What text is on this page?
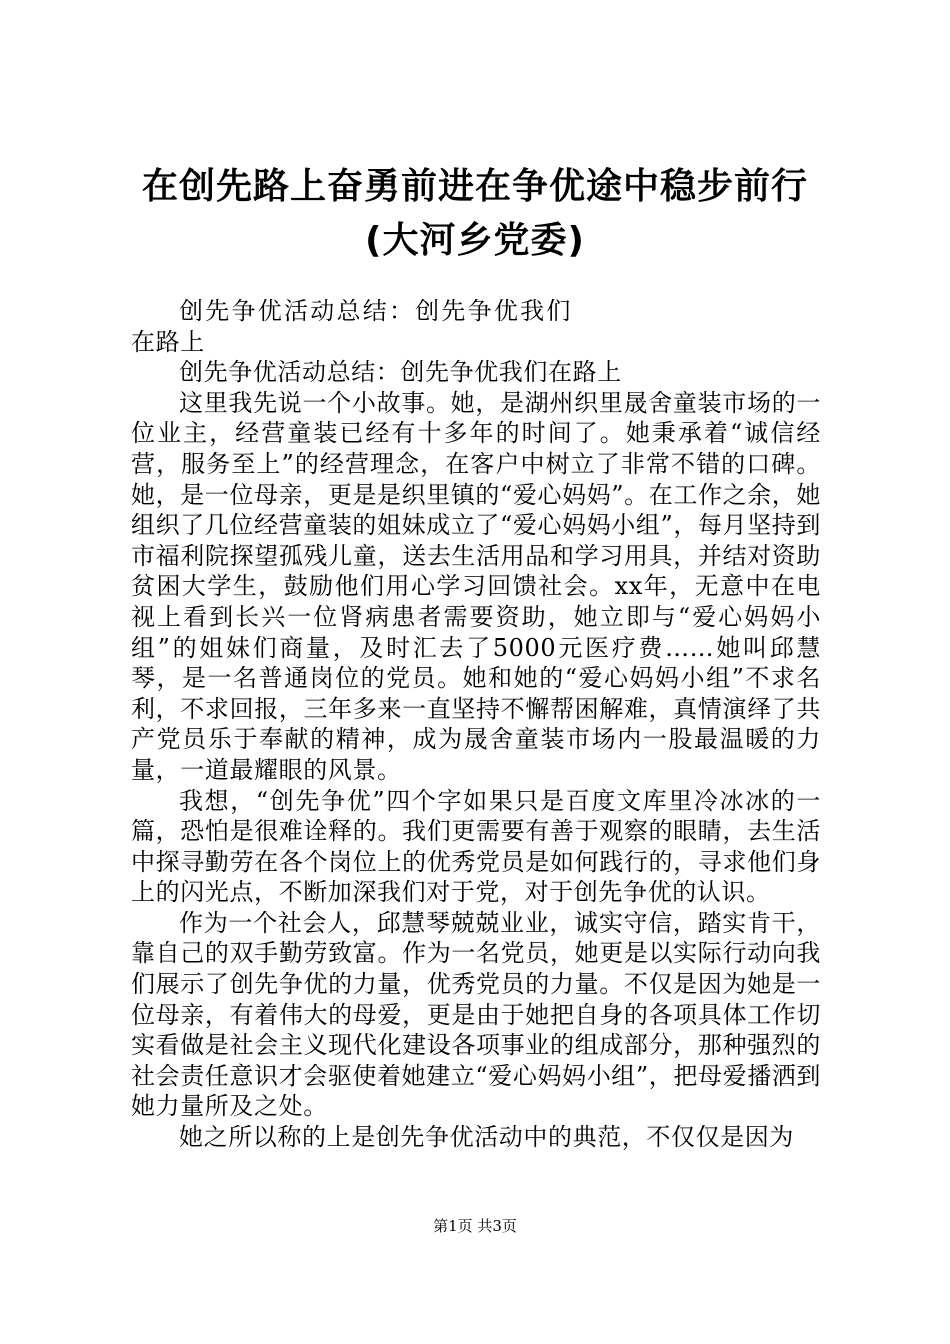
在创先路上奋勇前进在争优途中稳步前行(大河乡党委)

创先争优活动总结：创先争优我们在路上

创先争优活动总结：创先争优我们在路上

这里我先说一个小故事。她，是湖州织里晟舍童装市场的一位业主，经营童装已经有十多年的时间了。她秉承着“诚信经营，服务至上”的经营理念，在客户中树立了非常不错的口碑。她，是一位母亲，更是是织里镇的“爱心妈妈”。在工作之余，她组织了几位经营童装的姐妹成立了“爱心妈妈小组”，每月坚持到市福利院探望孤残儿童，送去生活用品和学习用具，并结对资助贫困大学生，鼓励他们用心学习回馈社会。xx年，无意中在电视上看到长兴一位肾病患者需要资助，她立即与“爱心妈妈小组”的姐妹们商量，及时汇去了5000元医疗费……她叫邱慧琴，是一名普通岗位的党员。她和她的“爱心妈妈小组”不求名利，不求回报，三年多来一直坚持不懈帮困解难，真情演绎了共产党员乐于奉献的精神，成为晟舍童装市场内一股最温暖的力量，一道最耀眼的风景。

我想，“创先争优”四个字如果只是百度文库里冷冰冰的一篇，恐怕是很难诠释的。我们更需要有善于观察的眼睛，去生活中探寻勤劳在各个岗位上的优秀党员是如何践行的，寻求他们身上的闪光点，不断加深我们对于党，对于创先争优的认识。

作为一个社会人，邱慧琴兢兢业业，诚实守信，踏实肯干，靠自己的双手勤劳致富。作为一名党员，她更是以实际行动向我们展示了创先争优的力量，优秀党员的力量。不仅是因为她是一位母亲，有着伟大的母爱，更是由于她把自身的各项具体工作切实看做是社会主义现代化建设各项事业的组成部分，那种强烈的社会责任意识才会驱使着她建立“爱心妈妈小组”，把母爱播洒到她力量所及之处。

她之所以称的上是创先争优活动中的典范，不仅仅是因为

第1页 共3页
